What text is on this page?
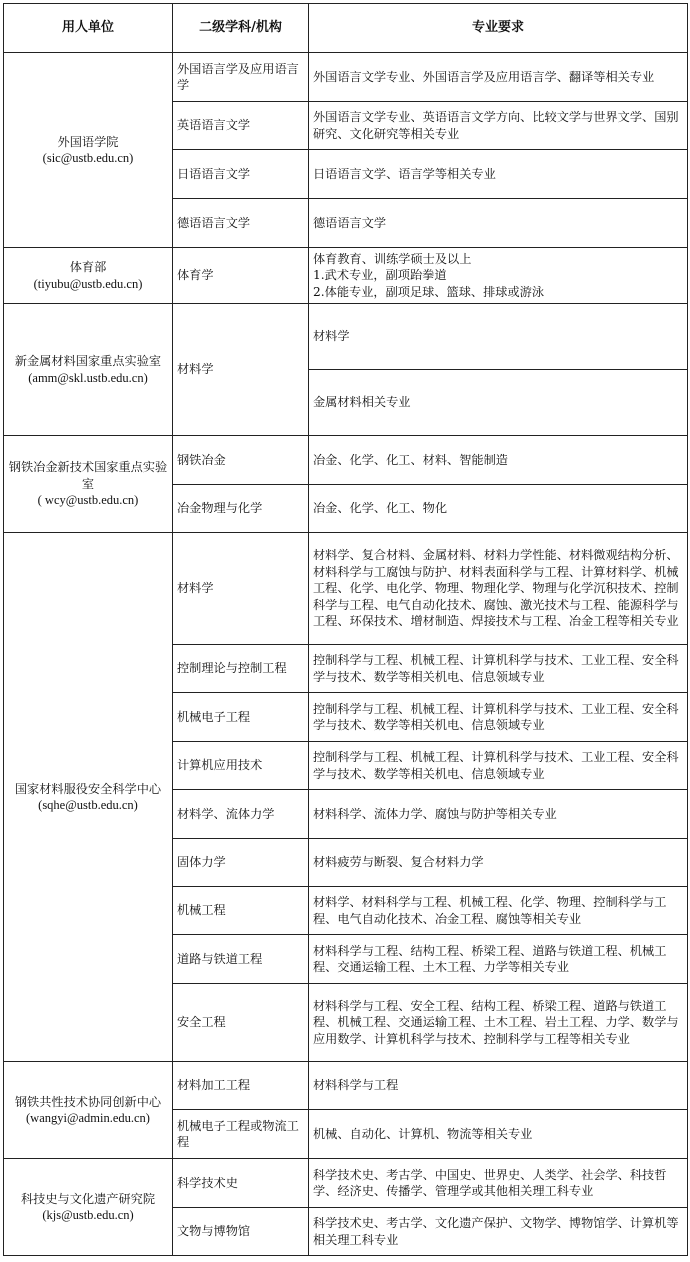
用人单位	二级学科/机构	专业要求

外国语学院
(sic@ustb.edu.cn)	外国语言学及应用语言学	外国语言文学专业、外国语言学及应用语言学、翻译等相关专业
	英语语言文学	外国语言文学专业、英语语言文学方向、比较文学与世界文学、国别研究、文化研究等相关专业
	日语语言文学	日语语言文学、语言学等相关专业
	德语语言文学	德语语言文学

体育部
(tiyubu@ustb.edu.cn)	体育学	体育教育、训练学硕士及以上
1.武术专业，副项跆拳道
2.体能专业，副项足球、篮球、排球或游泳

新金属材料国家重点实验室
(amm@skl.ustb.edu.cn)	材料学	材料学
		金属材料相关专业

钢铁冶金新技术国家重点实验室
( wcy@ustb.edu.cn)	钢铁冶金	冶金、化学、化工、材料、智能制造
	冶金物理与化学	冶金、化学、化工、物化

国家材料服役安全科学中心
(sqhe@ustb.edu.cn)	材料学	材料学、复合材料、金属材料、材料力学性能、材料微观结构分析、材料科学与工腐蚀与防护、材料表面科学与工程、计算材料学、机械工程、化学、电化学、物理、物理化学、物理与化学沉积技术、控制科学与工程、电气自动化技术、腐蚀、激光技术与工程、能源科学与工程、环保技术、增材制造、焊接技术与工程、冶金工程等相关专业
	控制理论与控制工程	控制科学与工程、机械工程、计算机科学与技术、工业工程、安全科学与技术、数学等相关机电、信息领域专业
	机械电子工程	控制科学与工程、机械工程、计算机科学与技术、工业工程、安全科学与技术、数学等相关机电、信息领域专业
	计算机应用技术	控制科学与工程、机械工程、计算机科学与技术、工业工程、安全科学与技术、数学等相关机电、信息领域专业
	材料学、流体力学	材料科学、流体力学、腐蚀与防护等相关专业
	固体力学	材料疲劳与断裂、复合材料力学
	机械工程	材料学、材料科学与工程、机械工程、化学、物理、控制科学与工程、电气自动化技术、冶金工程、腐蚀等相关专业
	道路与铁道工程	材料科学与工程、结构工程、桥梁工程、道路与铁道工程、机械工程、交通运输工程、土木工程、力学等相关专业
	安全工程	材料科学与工程、安全工程、结构工程、桥梁工程、道路与铁道工程、机械工程、交通运输工程、土木工程、岩土工程、力学、数学与应用数学、计算机科学与技术、控制科学与工程等相关专业

钢铁共性技术协同创新中心
(wangyi@admin.edu.cn)	材料加工工程	材料科学与工程
	机械电子工程或物流工程	机械、自动化、计算机、物流等相关专业

科技史与文化遗产研究院
(kjs@ustb.edu.cn)	科学技术史	科学技术史、考古学、中国史、世界史、人类学、社会学、科技哲学、经济史、传播学、管理学或其他相关理工科专业
	文物与博物馆	科学技术史、考古学、文化遗产保护、文物学、博物馆学、计算机等相关理工科专业
